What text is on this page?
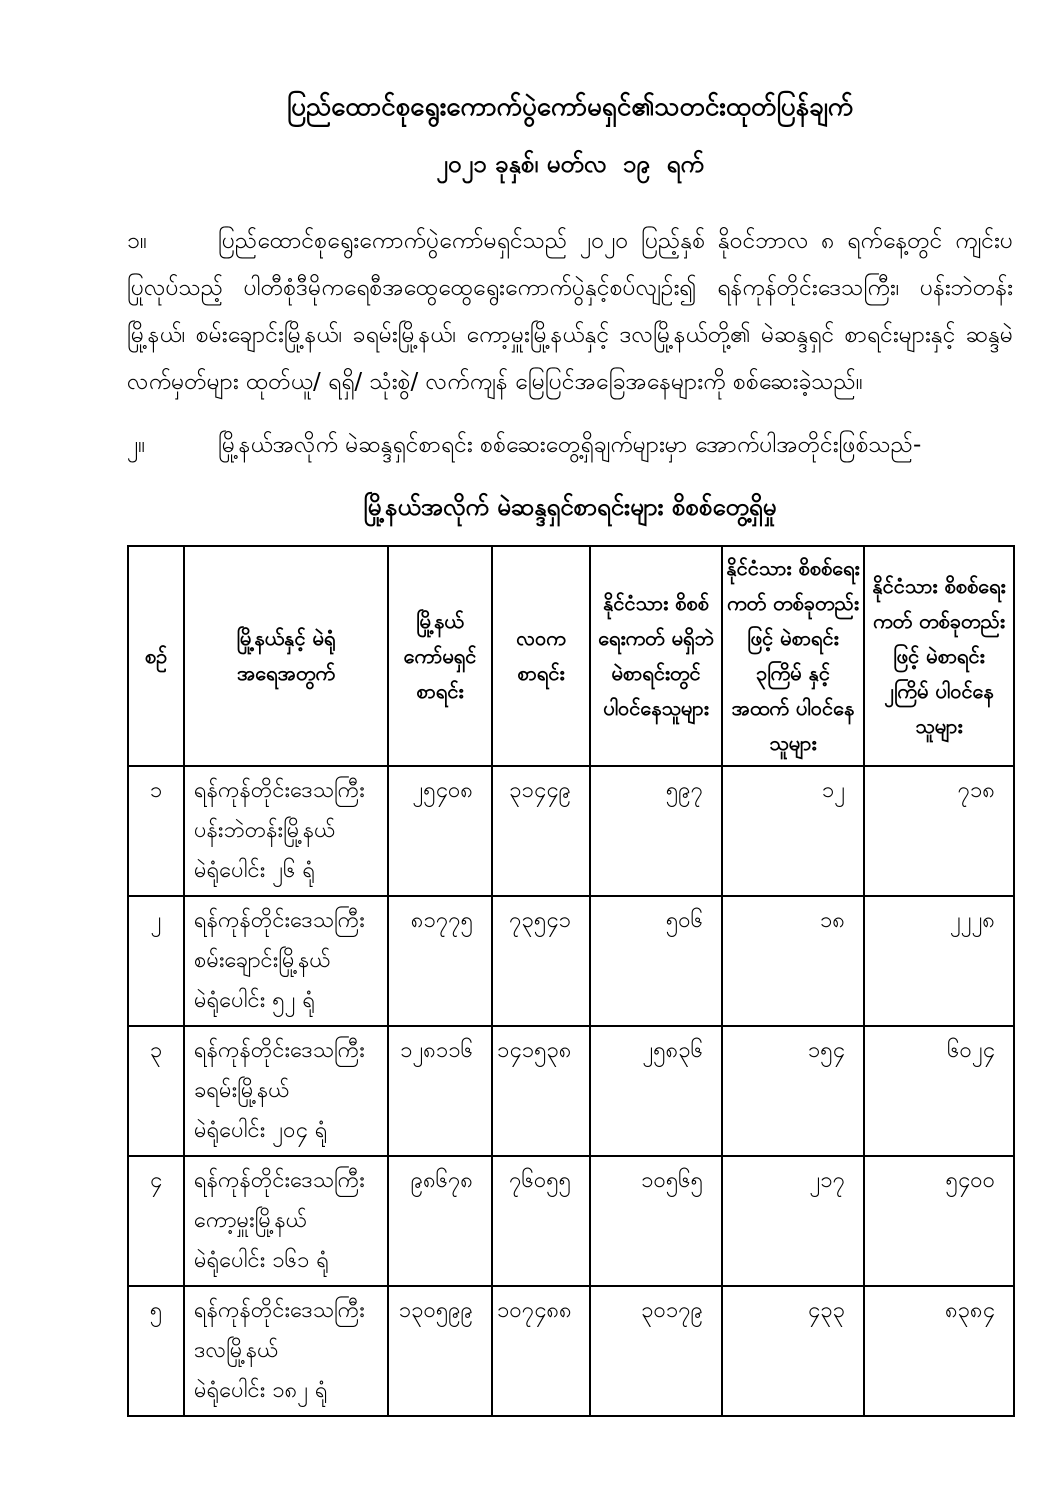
ပြည်ထောင်စုရွေးကောက်ပွဲကော်မရှင်၏သတင်းထုတ်ပြန်ချက်
၂၀၂၁ ခုနှစ်၊ မတ်လ  ၁၉  ရက်
၁။	ပြည်ထောင်စုရွေးကောက်ပွဲကော်မရှင်သည် ၂၀၂၀ ပြည့်နှစ် နိုဝင်ဘာလ ၈ ရက်နေ့တွင် ကျင်းပပြုလုပ်သည့် ပါတီစုံဒီမိုကရေစီအထွေထွေရွေးကောက်ပွဲနှင့်စပ်လျဉ်း၍ ရန်ကုန်တိုင်းဒေသကြီး၊ ပန်းဘဲတန်းမြို့နယ်၊ စမ်းချောင်းမြို့နယ်၊ ခရမ်းမြို့နယ်၊ ကော့မှူးမြို့နယ်နှင့် ဒလမြို့နယ်တို့၏ မဲဆန္ဒရှင် စာရင်းများနှင့် ဆန္ဒမဲလက်မှတ်များ ထုတ်ယူ/ ရရှိ/ သုံးစွဲ/ လက်ကျန် မြေပြင်အခြေအနေများကို စစ်ဆေးခဲ့သည်။
၂။	မြို့နယ်အလိုက် မဲဆန္ဒရှင်စာရင်း စစ်ဆေးတွေ့ရှိချက်များမှာ အောက်ပါအတိုင်းဖြစ်သည်-
မြို့နယ်အလိုက် မဲဆန္ဒရှင်စာရင်းများ စိစစ်တွေ့ရှိမှု
စဉ်	မြို့နယ်နှင့် မဲရုံအရေအတွက်	မြို့နယ် ကော်မရှင် စာရင်း	လဝက စာရင်း	နိုင်ငံသား စိစစ်ရေးကတ် မရှိဘဲ မဲစာရင်းတွင် ပါဝင်နေသူများ	နိုင်ငံသား စိစစ်ရေးကတ် တစ်ခုတည်းဖြင့် မဲစာရင်း ၃ကြိမ် နှင့် အထက် ပါဝင်နေသူများ	နိုင်ငံသား စိစစ်ရေးကတ် တစ်ခုတည်းဖြင့် မဲစာရင်း ၂ကြိမ် ပါဝင်နေသူများ
၁	ရန်ကုန်တိုင်းဒေသကြီး
ပန်းဘဲတန်းမြို့နယ်
မဲရုံပေါင်း ၂၆ ရုံ	၂၅၄၀၈	၃၁၄၄၉	၅၉၇	၁၂	၇၁၈
၂	ရန်ကုန်တိုင်းဒေသကြီး
စမ်းချောင်းမြို့နယ်
မဲရုံပေါင်း ၅၂ ရုံ	၈၁၇၇၅	၇၃၅၄၁	၅၀၆	၁၈	၂၂၂၈
၃	ရန်ကုန်တိုင်းဒေသကြီး
ခရမ်းမြို့နယ်
မဲရုံပေါင်း ၂၀၄ ရုံ	၁၂၈၁၁၆	၁၄၁၅၃၈	၂၅၈၃၆	၁၅၄	၆၀၂၄
၄	ရန်ကုန်တိုင်းဒေသကြီး
ကော့မှူးမြို့နယ်
မဲရုံပေါင်း ၁၆၁ ရုံ	၉၈၆၇၈	၇၆၀၅၅	၁၀၅၆၅	၂၁၇	၅၄၀၀
၅	ရန်ကုန်တိုင်းဒေသကြီး
ဒလမြို့နယ်
မဲရုံပေါင်း ၁၈၂ ရုံ	၁၃၀၅၉၉	၁၀၇၄၈၈	၃၀၁၇၉	၄၃၃	၈၃၈၄
